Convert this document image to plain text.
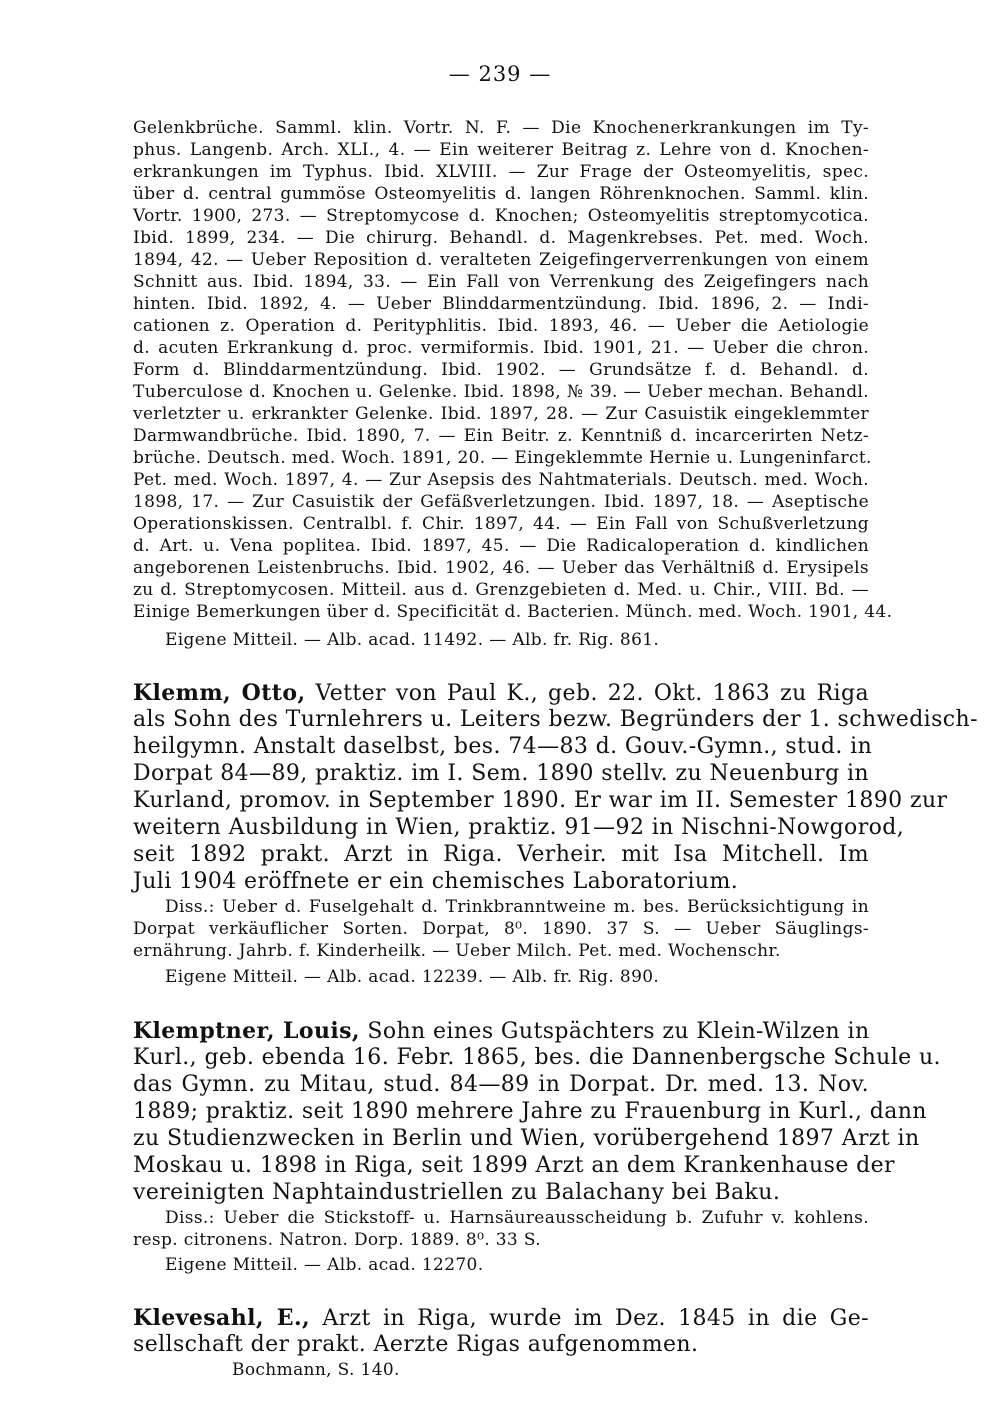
— 239 —
Gelenkbrüche. Samml. klin. Vortr. N. F. — Die Knochenerkrankungen im Ty-
phus. Langenb. Arch. XLI., 4. — Ein weiterer Beitrag z. Lehre von d. Knochen-
erkrankungen im Typhus. Ibid. XLVIII. — Zur Frage der Osteomyelitis, spec.
über d. central gummöse Osteomyelitis d. langen Röhrenknochen. Samml. klin.
Vortr. 1900, 273. — Streptomycose d. Knochen; Osteomyelitis streptomycotica.
Ibid. 1899, 234. — Die chirurg. Behandl. d. Magenkrebses. Pet. med. Woch.
1894, 42. — Ueber Reposition d. veralteten Zeigefingerverrenkungen von einem
Schnitt aus. Ibid. 1894, 33. — Ein Fall von Verrenkung des Zeigefingers nach
hinten. Ibid. 1892, 4. — Ueber Blinddarmentzündung. Ibid. 1896, 2. — Indi-
cationen z. Operation d. Perityphlitis. Ibid. 1893, 46. — Ueber die Aetiologie
d. acuten Erkrankung d. proc. vermiformis. Ibid. 1901, 21. — Ueber die chron.
Form d. Blinddarmentzündung. Ibid. 1902. — Grundsätze f. d. Behandl. d.
Tuberculose d. Knochen u. Gelenke. Ibid. 1898, № 39. — Ueber mechan. Behandl.
verletzter u. erkrankter Gelenke. Ibid. 1897, 28. — Zur Casuistik eingeklemmter
Darmwandbrüche. Ibid. 1890, 7. — Ein Beitr. z. Kenntniß d. incarcerirten Netz-
brüche. Deutsch. med. Woch. 1891, 20. — Eingeklemmte Hernie u. Lungeninfarct.
Pet. med. Woch. 1897, 4. — Zur Asepsis des Nahtmaterials. Deutsch. med. Woch.
1898, 17. — Zur Casuistik der Gefäßverletzungen. Ibid. 1897, 18. — Aseptische
Operationskissen. Centralbl. f. Chir. 1897, 44. — Ein Fall von Schußverletzung
d. Art. u. Vena poplitea. Ibid. 1897, 45. — Die Radicaloperation d. kindlichen
angeborenen Leistenbruchs. Ibid. 1902, 46. — Ueber das Verhältniß d. Erysipels
zu d. Streptomycosen. Mitteil. aus d. Grenzgebieten d. Med. u. Chir., VIII. Bd. —
Einige Bemerkungen über d. Specificität d. Bacterien. Münch. med. Woch. 1901, 44.
Eigene Mitteil. — Alb. acad. 11492. — Alb. fr. Rig. 861.
Klemm, Otto, Vetter von Paul K., geb. 22. Okt. 1863 zu Riga
als Sohn des Turnlehrers u. Leiters bezw. Begründers der 1. schwedisch-
heilgymn. Anstalt daselbst, bes. 74—83 d. Gouv.-Gymn., stud. in
Dorpat 84—89, praktiz. im I. Sem. 1890 stellv. zu Neuenburg in
Kurland, promov. in September 1890. Er war im II. Semester 1890 zur
weitern Ausbildung in Wien, praktiz. 91—92 in Nischni-Nowgorod,
seit 1892 prakt. Arzt in Riga. Verheir. mit Isa Mitchell. Im
Juli 1904 eröffnete er ein chemisches Laboratorium.
Diss.: Ueber d. Fuselgehalt d. Trinkbranntweine m. bes. Berücksichtigung in
Dorpat verkäuflicher Sorten. Dorpat, 8⁰. 1890. 37 S. — Ueber Säuglings-
ernährung. Jahrb. f. Kinderheilk. — Ueber Milch. Pet. med. Wochenschr.
Eigene Mitteil. — Alb. acad. 12239. — Alb. fr. Rig. 890.
Klemptner, Louis, Sohn eines Gutspächters zu Klein-Wilzen in
Kurl., geb. ebenda 16. Febr. 1865, bes. die Dannenbergsche Schule u.
das Gymn. zu Mitau, stud. 84—89 in Dorpat. Dr. med. 13. Nov.
1889; praktiz. seit 1890 mehrere Jahre zu Frauenburg in Kurl., dann
zu Studienzwecken in Berlin und Wien, vorübergehend 1897 Arzt in
Moskau u. 1898 in Riga, seit 1899 Arzt an dem Krankenhause der
vereinigten Naphtaindustriellen zu Balachany bei Baku.
Diss.: Ueber die Stickstoff- u. Harnsäureausscheidung b. Zufuhr v. kohlens.
resp. citronens. Natron. Dorp. 1889. 8⁰. 33 S.
Eigene Mitteil. — Alb. acad. 12270.
Klevesahl, E., Arzt in Riga, wurde im Dez. 1845 in die Ge-
sellschaft der prakt. Aerzte Rigas aufgenommen.
Bochmann, S. 140.
